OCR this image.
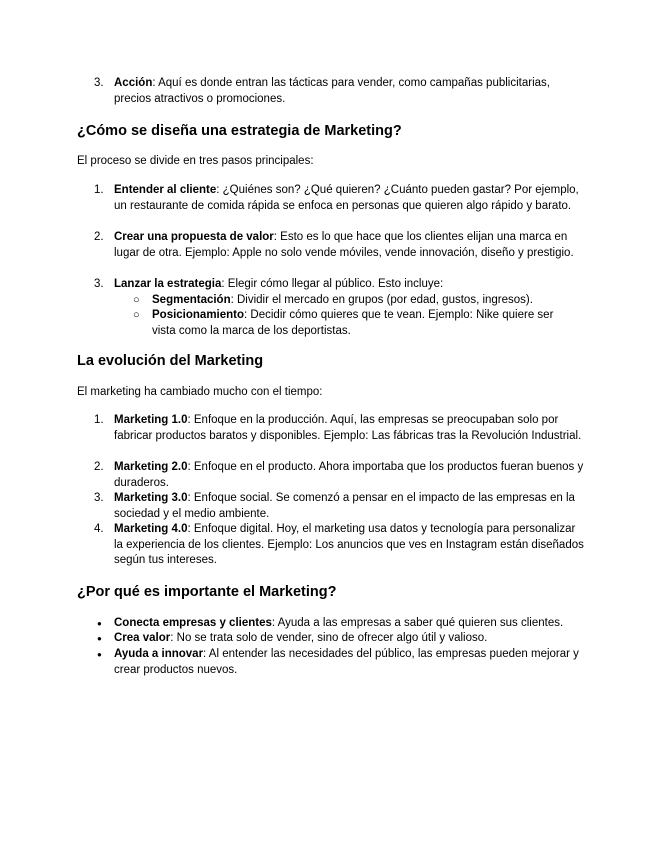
3. Acción: Aquí es donde entran las tácticas para vender, como campañas publicitarias, precios atractivos o promociones.
¿Cómo se diseña una estrategia de Marketing?

El proceso se divide en tres pasos principales:

1. Entender al cliente: ¿Quiénes son? ¿Qué quieren? ¿Cuánto pueden gastar? Por ejemplo, un restaurante de comida rápida se enfoca en personas que quieren algo rápido y barato.
2. Crear una propuesta de valor: Esto es lo que hace que los clientes elijan una marca en lugar de otra. Ejemplo: Apple no solo vende móviles, vende innovación, diseño y prestigio.
3. Lanzar la estrategia: Elegir cómo llegar al público. Esto incluye:
○ Segmentación: Dividir el mercado en grupos (por edad, gustos, ingresos).
○ Posicionamiento: Decidir cómo quieres que te vean. Ejemplo: Nike quiere ser vista como la marca de los deportistas.
La evolución del Marketing

El marketing ha cambiado mucho con el tiempo:

1. Marketing 1.0: Enfoque en la producción. Aquí, las empresas se preocupaban solo por fabricar productos baratos y disponibles. Ejemplo: Las fábricas tras la Revolución Industrial.
2. Marketing 2.0: Enfoque en el producto. Ahora importaba que los productos fueran buenos y duraderos.
3. Marketing 3.0: Enfoque social. Se comenzó a pensar en el impacto de las empresas en la sociedad y el medio ambiente.
4. Marketing 4.0: Enfoque digital. Hoy, el marketing usa datos y tecnología para personalizar la experiencia de los clientes. Ejemplo: Los anuncios que ves en Instagram están diseñados según tus intereses.
¿Por qué es importante el Marketing?
● Conecta empresas y clientes: Ayuda a las empresas a saber qué quieren sus clientes.
● Crea valor: No se trata solo de vender, sino de ofrecer algo útil y valioso.
● Ayuda a innovar: Al entender las necesidades del público, las empresas pueden mejorar y crear productos nuevos.
